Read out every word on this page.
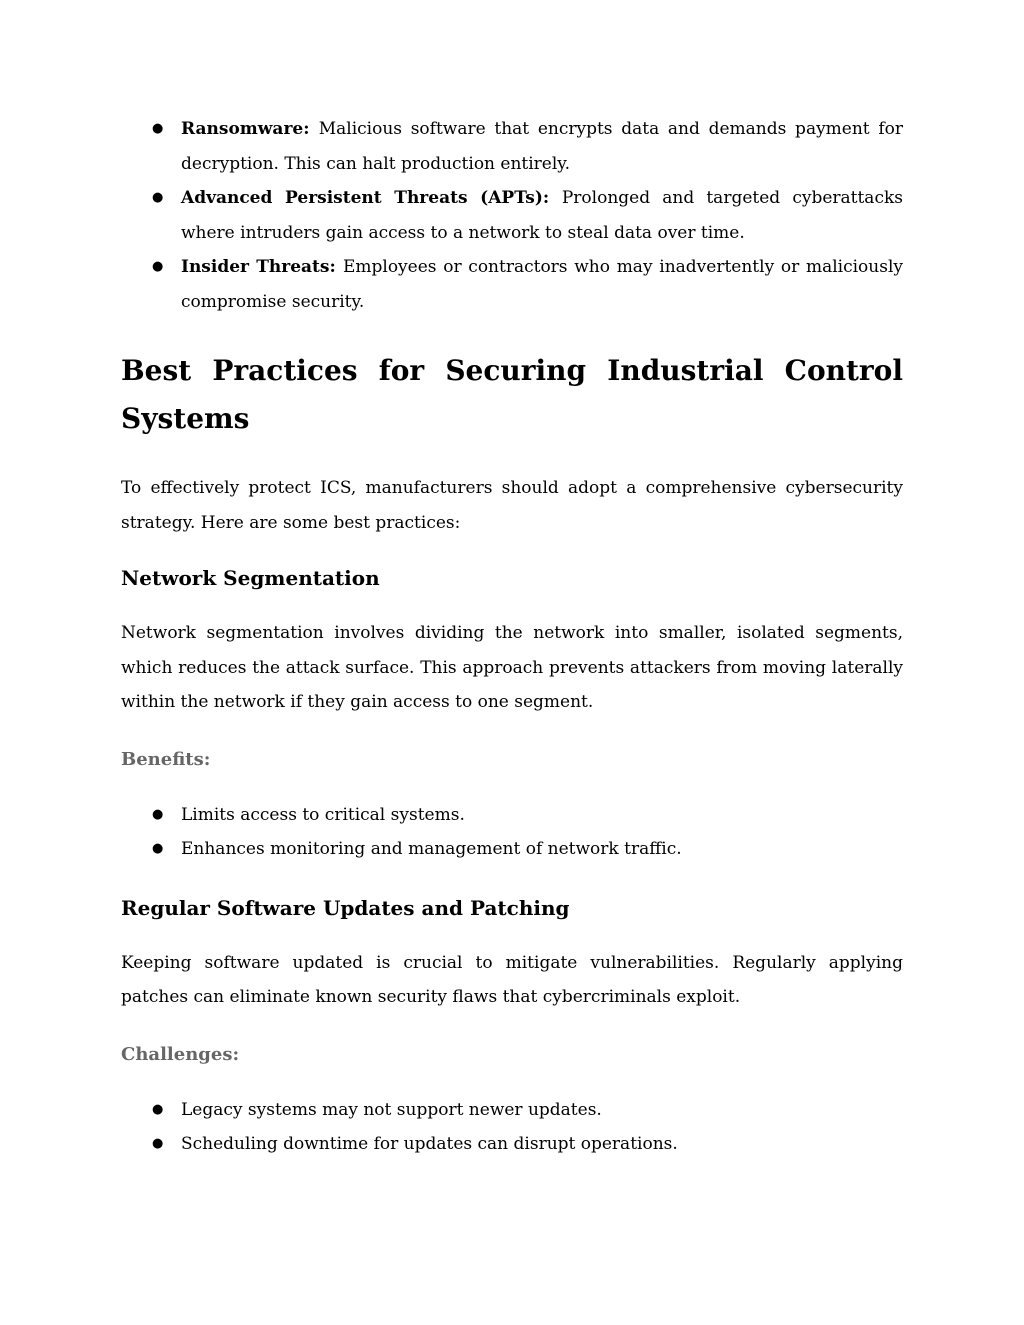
● Ransomware: Malicious software that encrypts data and demands payment for decryption. This can halt production entirely.
● Advanced Persistent Threats (APTs): Prolonged and targeted cyberattacks where intruders gain access to a network to steal data over time.
● Insider Threats: Employees or contractors who may inadvertently or maliciously compromise security.
Best Practices for Securing Industrial Control Systems

To effectively protect ICS, manufacturers should adopt a comprehensive cybersecurity strategy. Here are some best practices:

Network Segmentation

Network segmentation involves dividing the network into smaller, isolated segments, which reduces the attack surface. This approach prevents attackers from moving laterally within the network if they gain access to one segment.

Benefits:
● Limits access to critical systems.
● Enhances monitoring and management of network traffic.
Regular Software Updates and Patching

Keeping software updated is crucial to mitigate vulnerabilities. Regularly applying patches can eliminate known security flaws that cybercriminals exploit.

Challenges:
● Legacy systems may not support newer updates.
● Scheduling downtime for updates can disrupt operations.
